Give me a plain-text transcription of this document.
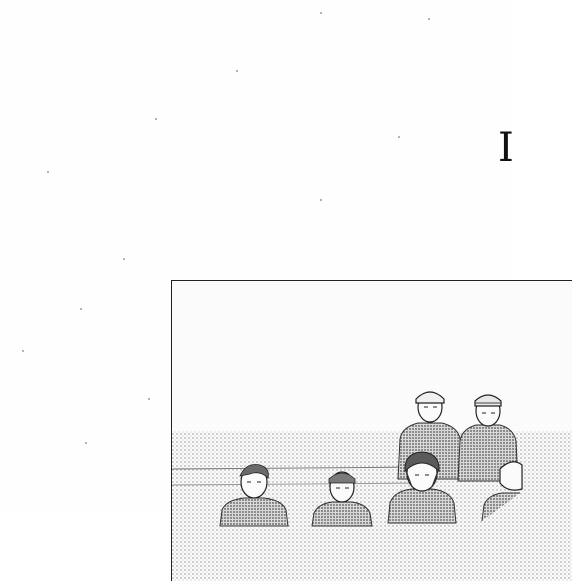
I
